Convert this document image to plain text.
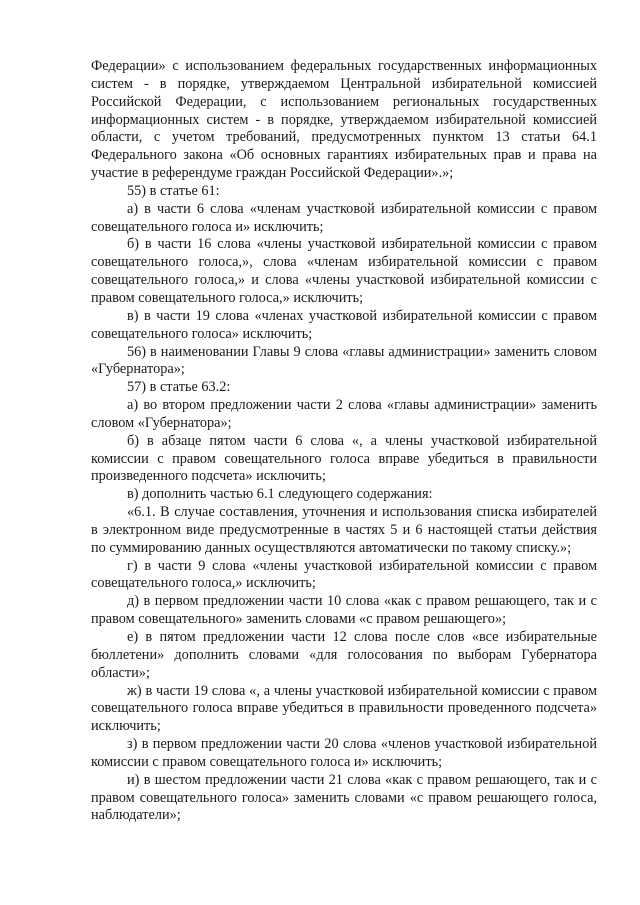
Федерации» с использованием федеральных государственных информационных систем - в порядке, утверждаемом Центральной избирательной комиссией Российской Федерации, с использованием региональных государственных информационных систем - в порядке, утверждаемом избирательной комиссией области, с учетом требований, предусмотренных пунктом 13 статьи 64.1 Федерального закона «Об основных гарантиях избирательных прав и права на участие в референдуме граждан Российской Федерации».»;

55) в статье 61:

а) в части 6 слова «членам участковой избирательной комиссии с правом совещательного голоса и» исключить;

б) в части 16 слова «члены участковой избирательной комиссии с правом совещательного голоса,», слова «членам избирательной комиссии с правом совещательного голоса,» и слова «члены участковой избирательной комиссии с правом совещательного голоса,» исключить;

в) в части 19 слова «членах участковой избирательной комиссии с правом совещательного голоса» исключить;

56) в наименовании Главы 9 слова «главы администрации» заменить словом «Губернатора»;

57) в статье 63.2:

а) во втором предложении части 2 слова «главы администрации» заменить словом «Губернатора»;

б) в абзаце пятом части 6 слова «, а члены участковой избирательной комиссии с правом совещательного голоса вправе убедиться в правильности произведенного подсчета» исключить;

в) дополнить частью 6.1 следующего содержания:

«6.1. В случае составления, уточнения и использования списка избирателей в электронном виде предусмотренные в частях 5 и 6 настоящей статьи действия по суммированию данных осуществляются автоматически по такому списку.»;

г) в части 9 слова «члены участковой избирательной комиссии с правом совещательного голоса,» исключить;

д) в первом предложении части 10 слова «как с правом решающего, так и с правом совещательного» заменить словами «с правом решающего»;

е) в пятом предложении части 12 слова после слов «все избирательные бюллетени» дополнить словами «для голосования по выборам Губернатора области»;

ж) в части 19 слова «, а члены участковой избирательной комиссии с правом совещательного голоса вправе убедиться в правильности проведенного подсчета» исключить;

з) в первом предложении части 20 слова «членов участковой избирательной комиссии с правом совещательного голоса и» исключить;

и) в шестом предложении части 21 слова «как с правом решающего, так и с правом совещательного голоса» заменить словами «с правом решающего голоса, наблюдатели»;
